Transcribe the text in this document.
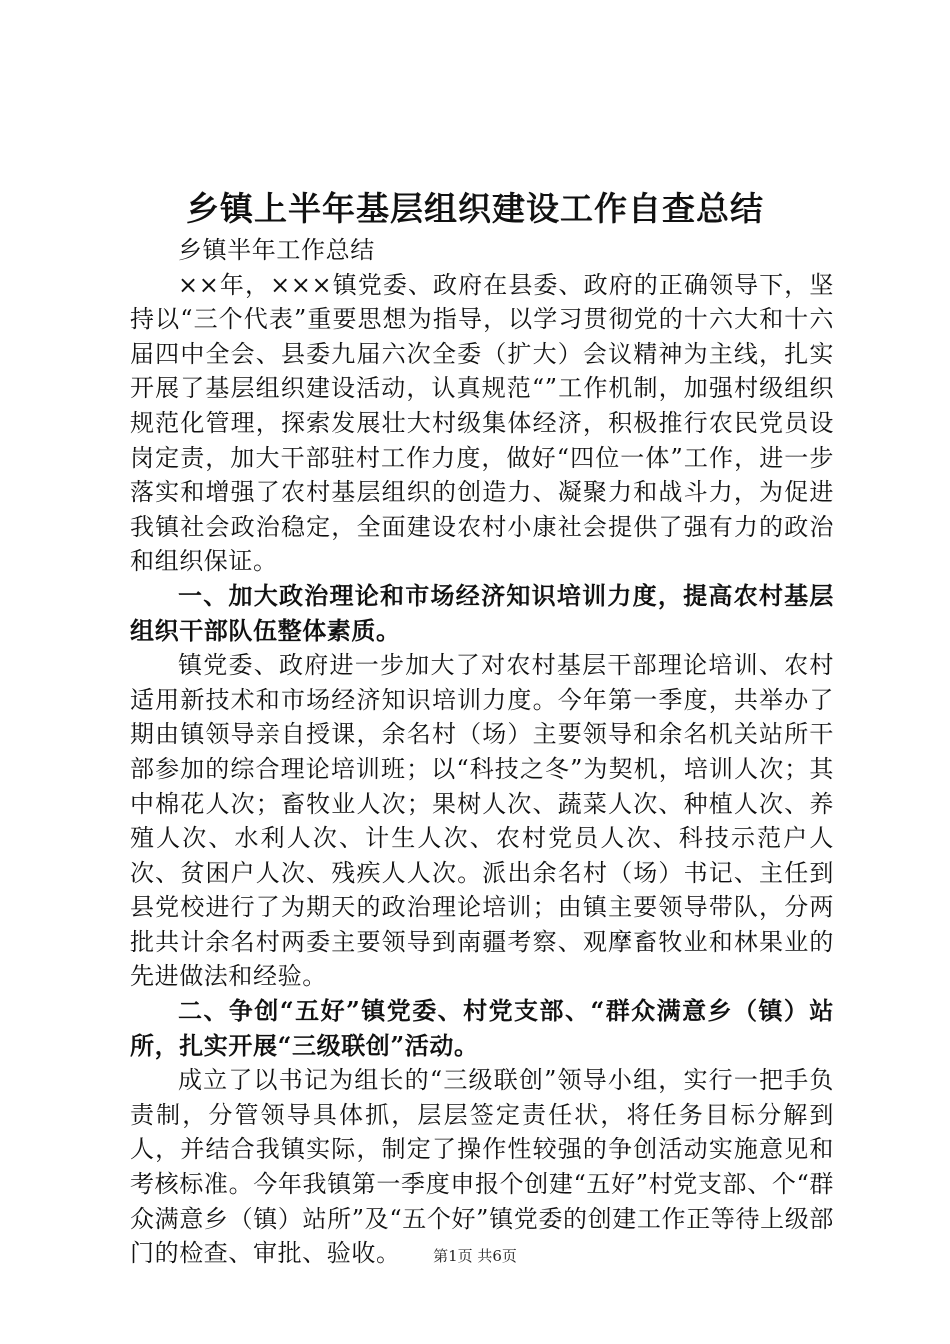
乡镇上半年基层组织建设工作自查总结

乡镇半年工作总结

××年，×××镇党委、政府在县委、政府的正确领导下，坚持以“三个代表”重要思想为指导，以学习贯彻党的十六大和十六届四中全会、县委九届六次全委（扩大）会议精神为主线，扎实开展了基层组织建设活动，认真规范“”工作机制，加强村级组织规范化管理，探索发展壮大村级集体经济，积极推行农民党员设岗定责，加大干部驻村工作力度，做好“四位一体”工作，进一步落实和增强了农村基层组织的创造力、凝聚力和战斗力，为促进我镇社会政治稳定，全面建设农村小康社会提供了强有力的政治和组织保证。

一、加大政治理论和市场经济知识培训力度，提高农村基层组织干部队伍整体素质。

镇党委、政府进一步加大了对农村基层干部理论培训、农村适用新技术和市场经济知识培训力度。今年第一季度，共举办了期由镇领导亲自授课，余名村（场）主要领导和余名机关站所干部参加的综合理论培训班；以“科技之冬”为契机，培训人次；其中棉花人次；畜牧业人次；果树人次、蔬菜人次、种植人次、养殖人次、水利人次、计生人次、农村党员人次、科技示范户人次、贫困户人次、残疾人人次。派出余名村（场）书记、主任到县党校进行了为期天的政治理论培训；由镇主要领导带队，分两批共计余名村两委主要领导到南疆考察、观摩畜牧业和林果业的先进做法和经验。

二、争创“五好”镇党委、村党支部、“群众满意乡（镇）站所，扎实开展“三级联创”活动。

成立了以书记为组长的“三级联创”领导小组，实行一把手负责制，分管领导具体抓，层层签定责任状，将任务目标分解到人，并结合我镇实际，制定了操作性较强的争创活动实施意见和考核标准。今年我镇第一季度申报个创建“五好”村党支部、个“群众满意乡（镇）站所”及“五个好”镇党委的创建工作正等待上级部门的检查、审批、验收。	第1页 共6页
